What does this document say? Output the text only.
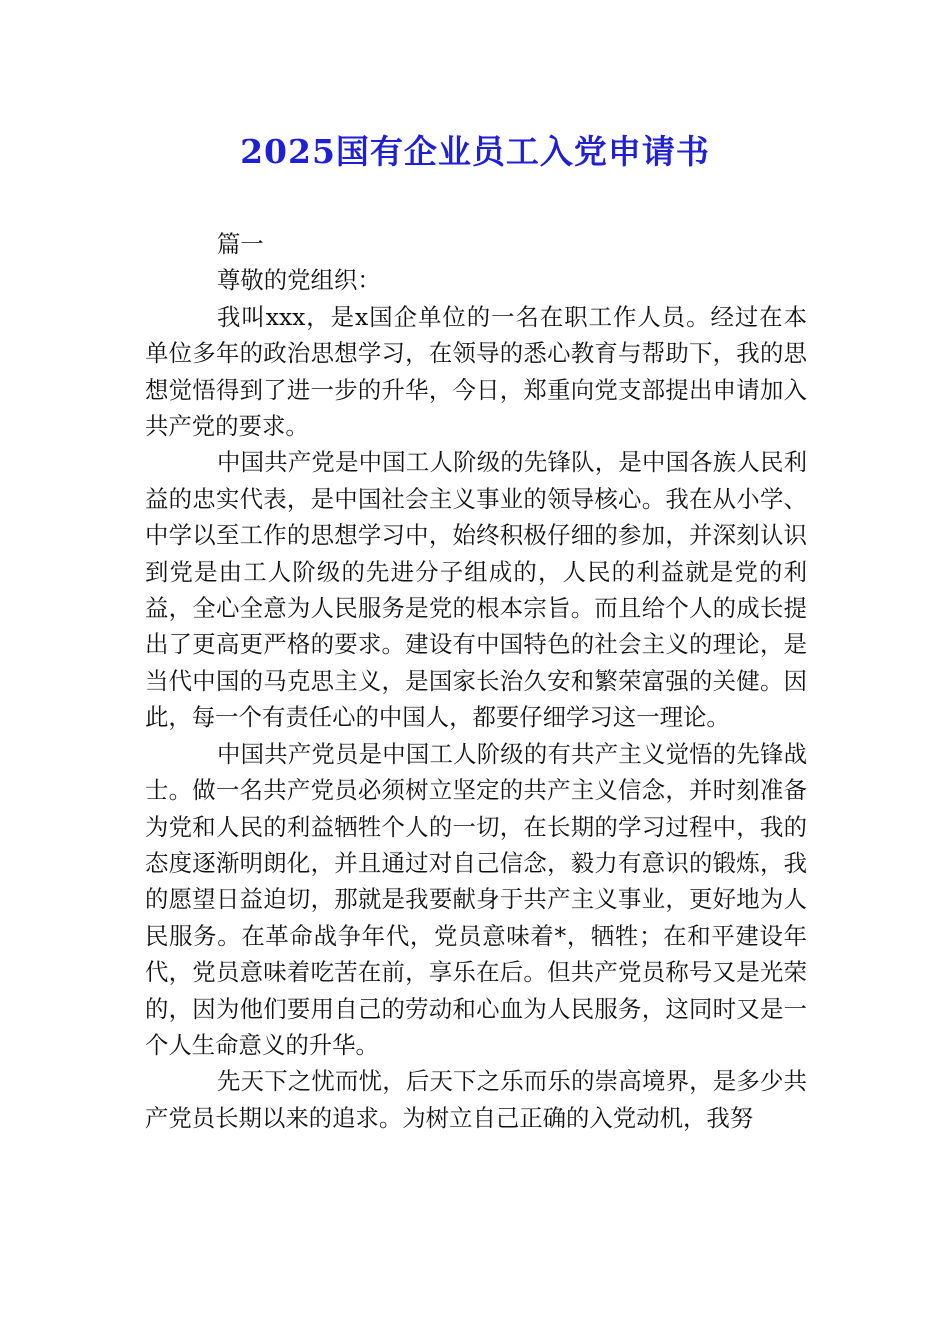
2025国有企业员工入党申请书

篇一

尊敬的党组织：

我叫xxx，是x国企单位的一名在职工作人员。经过在本单位多年的政治思想学习，在领导的悉心教育与帮助下，我的思想觉悟得到了进一步的升华，今日，郑重向党支部提出申请加入共产党的要求。

中国共产党是中国工人阶级的先锋队，是中国各族人民利益的忠实代表，是中国社会主义事业的领导核心。我在从小学、中学以至工作的思想学习中，始终积极仔细的参加，并深刻认识到党是由工人阶级的先进分子组成的，人民的利益就是党的利益，全心全意为人民服务是党的根本宗旨。而且给个人的成长提出了更高更严格的要求。建设有中国特色的社会主义的理论，是当代中国的马克思主义，是国家长治久安和繁荣富强的关健。因此，每一个有责任心的中国人，都要仔细学习这一理论。

中国共产党员是中国工人阶级的有共产主义觉悟的先锋战士。做一名共产党员必须树立坚定的共产主义信念，并时刻准备为党和人民的利益牺牲个人的一切，在长期的学习过程中，我的态度逐渐明朗化，并且通过对自己信念，毅力有意识的锻炼，我的愿望日益迫切，那就是我要献身于共产主义事业，更好地为人民服务。在革命战争年代，党员意味着*，牺牲；在和平建设年代，党员意味着吃苦在前，享乐在后。但共产党员称号又是光荣的，因为他们要用自己的劳动和心血为人民服务，这同时又是一个人生命意义的升华。

先天下之忧而忧，后天下之乐而乐的崇高境界，是多少共产党员长期以来的追求。为树立自己正确的入党动机，我努
